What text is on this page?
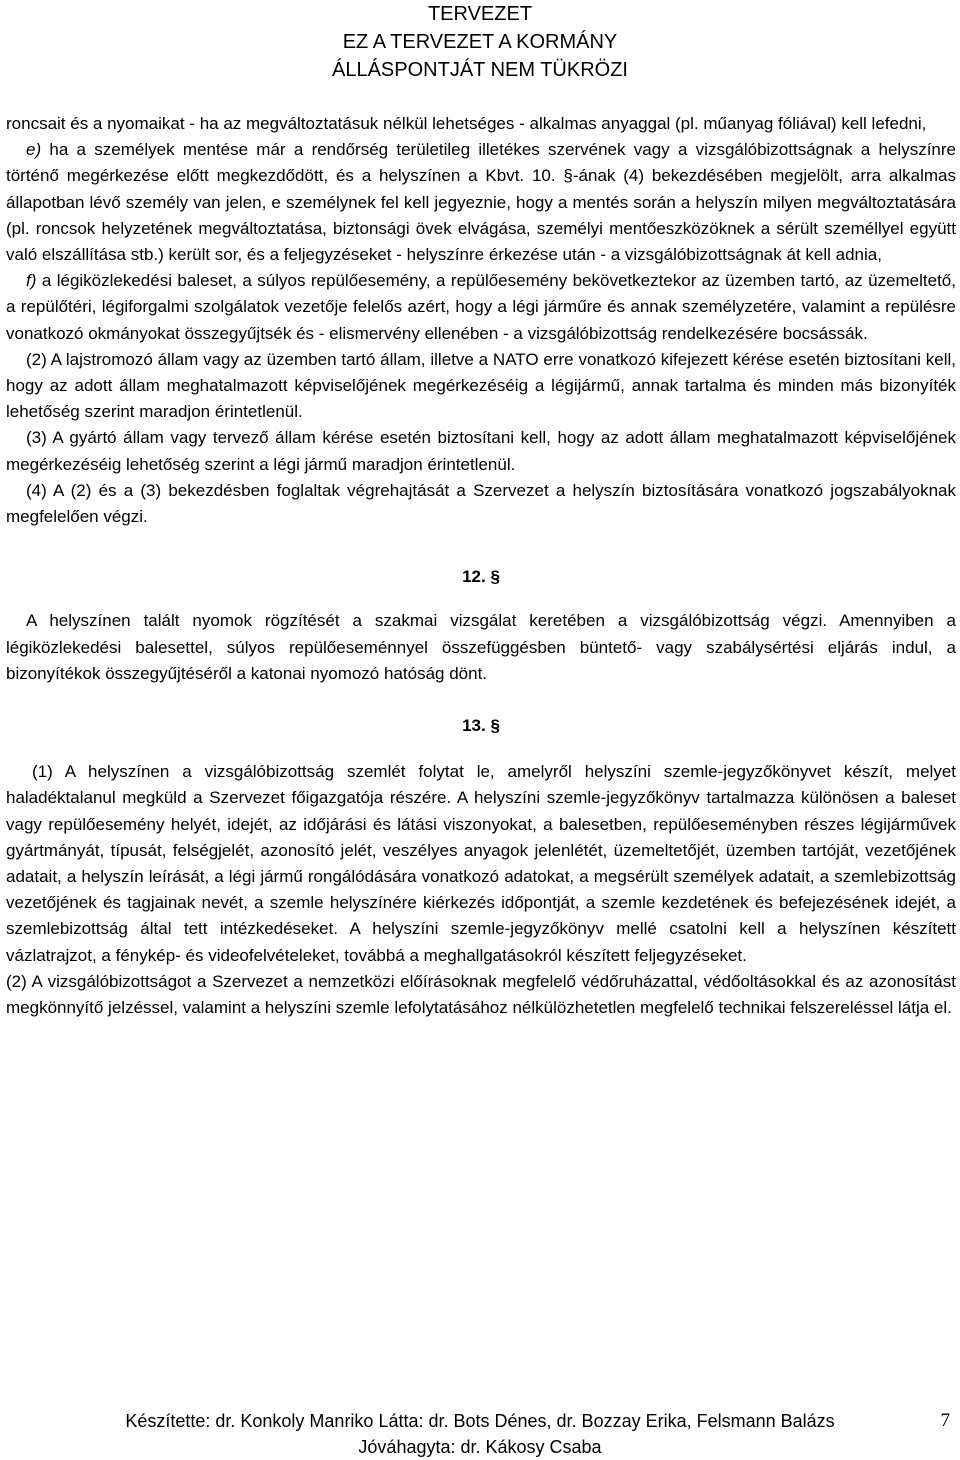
TERVEZET
EZ A TERVEZET A KORMÁNY
ÁLLÁSPONTJÁT NEM TÜKRÖZI

roncsait és a nyomaikat - ha az megváltoztatásuk nélkül lehetséges - alkalmas anyaggal (pl. műanyag fóliával) kell lefedni,

e) ha a személyek mentése már a rendőrség területileg illetékes szervének vagy a vizsgálóbizottságnak a helyszínre történő megérkezése előtt megkezdődött, és a helyszínen a Kbvt. 10. §-ának (4) bekezdésében megjelölt, arra alkalmas állapotban lévő személy van jelen, e személynek fel kell jegyeznie, hogy a mentés során a helyszín milyen megváltoztatására (pl. roncsok helyzetének megváltoztatása, biztonsági övek elvágása, személyi mentőeszközöknek a sérült személlyel együtt való elszállítása stb.) került sor, és a feljegyzéseket - helyszínre érkezése után - a vizsgálóbizottságnak át kell adnia,

f) a légiközlekedési baleset, a súlyos repülőesemény, a repülőesemény bekövetkeztekor az üzemben tartó, az üzemeltető, a repülőtéri, légiforgalmi szolgálatok vezetője felelős azért, hogy a légi járműre és annak személyzetére, valamint a repülésre vonatkozó okmányokat összegyűjtsék és - elismervény ellenében - a vizsgálóbizottság rendelkezésére bocsássák.

(2) A lajstromozó állam vagy az üzemben tartó állam, illetve a NATO erre vonatkozó kifejezett kérése esetén biztosítani kell, hogy az adott állam meghatalmazott képviselőjének megérkezéséig a légijármű, annak tartalma és minden más bizonyíték lehetőség szerint maradjon érintetlenül.

(3) A gyártó állam vagy tervező állam kérése esetén biztosítani kell, hogy az adott állam meghatalmazott képviselőjének megérkezéséig lehetőség szerint a légi jármű maradjon érintetlenül.

(4) A (2) és a (3) bekezdésben foglaltak végrehajtását a Szervezet a helyszín biztosítására vonatkozó jogszabályoknak megfelelően végzi.

12. §

A helyszínen talált nyomok rögzítését a szakmai vizsgálat keretében a vizsgálóbizottság végzi. Amennyiben a légiközlekedési balesettel, súlyos repülőeseménnyel összefüggésben büntető- vagy szabálysértési eljárás indul, a bizonyítékok összegyűjtéséről a katonai nyomozó hatóság dönt.

13. §

(1) A helyszínen a vizsgálóbizottság szemlét folytat le, amelyről helyszíni szemle-jegyzőkönyvet készít, melyet haladéktalanul megküld a Szervezet főigazgatója részére. A helyszíni szemle-jegyzőkönyv tartalmazza különösen a baleset vagy repülőesemény helyét, idejét, az időjárási és látási viszonyokat, a balesetben, repülőeseményben részes légijárművek gyártmányát, típusát, felségjelét, azonosító jelét, veszélyes anyagok jelenlétét, üzemeltetőjét, üzemben tartóját, vezetőjének adatait, a helyszín leírását, a légi jármű rongálódására vonatkozó adatokat, a megsérült személyek adatait, a szemlebizottság vezetőjének és tagjainak nevét, a szemle helyszínére kiérkezés időpontját, a szemle kezdetének és befejezésének idejét, a szemlebizottság által tett intézkedéseket. A helyszíni szemle-jegyzőkönyv mellé csatolni kell a helyszínen készített vázlatrajzot, a fénykép- és videofelvételeket, továbbá a meghallgatásokról készített feljegyzéseket.

(2) A vizsgálóbizottságot a Szervezet a nemzetközi előírásoknak megfelelő védőruházattal, védőoltásokkal és az azonosítást megkönnyítő jelzéssel, valamint a helyszíni szemle lefolytatásához nélkülözhetetlen megfelelő technikai felszereléssel látja el.

Készítette: dr. Konkoly Manriko Látta: dr. Bots Dénes, dr. Bozzay Erika, Felsmann Balázs
Jóváhagyta: dr. Kákosy Csaba
7
